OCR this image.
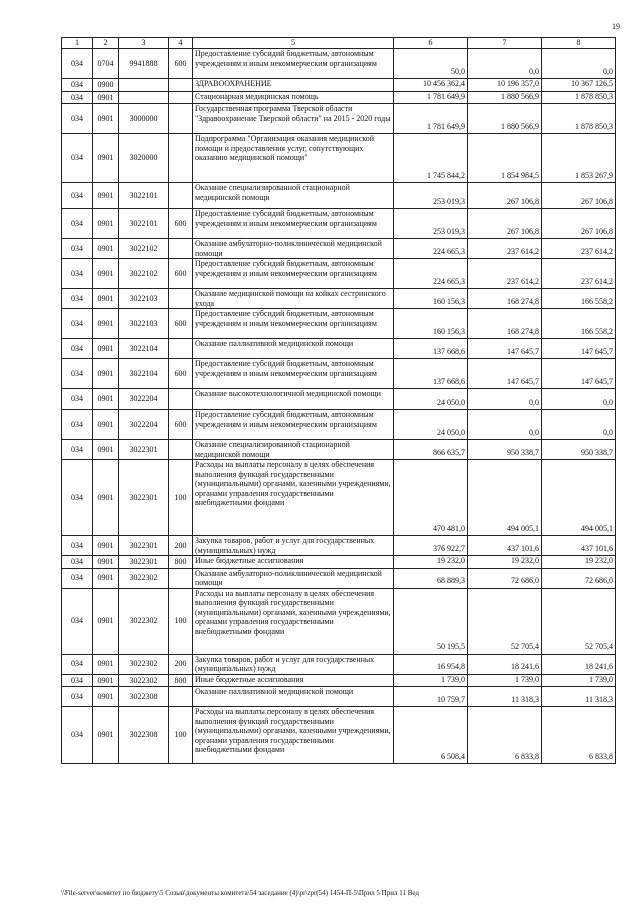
19
1	2	3	4	5	6	7	8
034	0704	9941888	600	Предоставление субсидий бюджетным, автономным учреждениям и иным некоммерческим организациям	50,0	0,0	0,0
034	0900			ЗДРАВООХРАНЕНИЕ	10 456 362,4	10 196 357,0	10 367 126,5
034	0901			Стационарная медицинская помощь	1 781 649,9	1 880 566,9	1 878 850,3
034	0901	3000000		Государственная программа Тверской области "Здравоохранение Тверской области" на 2015 - 2020 годы	1 781 649,9	1 880 566,9	1 878 850,3
034	0901	3020000		Подпрограмма "Организация оказания медицинской помощи и предоставления услуг, сопутствующих оказанию медицинской помощи"	1 745 844,2	1 854 984,5	1 853 267,9
034	0901	3022101		Оказание специализированной стационарной медицинской помощи	253 019,3	267 106,8	267 106,8
034	0901	3022101	600	Предоставление субсидий бюджетным, автономным учреждениям и иным некоммерческим организациям	253 019,3	267 106,8	267 106,8
034	0901	3022102		Оказание амбулаторно-поликлинической медицинской помощи	224 665,3	237 614,2	237 614,2
034	0901	3022102	600	Предоставление субсидий бюджетным, автономным учреждениям и иным некоммерческим организациям	224 665,3	237 614,2	237 614,2
034	0901	3022103		Оказание медицинской помощи на койках сестринского ухода	160 156,3	168 274,8	166 558,2
034	0901	3022103	600	Предоставление субсидий бюджетным, автономным учреждениям и иным некоммерческим организациям	160 156,3	168 274,8	166 558,2
034	0901	3022104		Оказание паллиативной медицинской помощи	137 668,6	147 645,7	147 645,7
034	0901	3022104	600	Предоставление субсидий бюджетным, автономным учреждениям и иным некоммерческим организациям	137 668,6	147 645,7	147 645,7
034	0901	3022204		Оказание высокотехнологичной медицинской помощи	24 050,0	0,0	0,0
034	0901	3022204	600	Предоставление субсидий бюджетным, автономным учреждениям и иным некоммерческим организациям	24 050,0	0,0	0,0
034	0901	3022301		Оказание специализированной стационарной медицинской помощи	866 635,7	950 338,7	950 338,7
034	0901	3022301	100	Расходы на выплаты персоналу в целях обеспечения выполнения функций государственными (муниципальными) органами, казенными учреждениями, органами управления государственными внебюджетными фондами	470 481,0	494 005,1	494 005,1
034	0901	3022301	200	Закупка товаров, работ и услуг для государственных (муниципальных) нужд	376 922,7	437 101,6	437 101,6
034	0901	3022301	800	Иные бюджетные ассигнования	19 232,0	19 232,0	19 232,0
034	0901	3022302		Оказание амбулаторно-поликлинической медицинской помощи	68 889,3	72 686,0	72 686,0
034	0901	3022302	100	Расходы на выплаты персоналу в целях обеспечения выполнения функций государственными (муниципальными) органами, казенными учреждениями, органами управления государственными внебюджетными фондами	50 195,5	52 705,4	52 705,4
034	0901	3022302	200	Закупка товаров, работ и услуг для государственных (муниципальных) нужд	16 954,8	18 241,6	18 241,6
034	0901	3022302	800	Иные бюджетные ассигнования	1 739,0	1 739,0	1 739,0
034	0901	3022308		Оказание паллиативной медицинской помощи	10 759,7	11 318,3	11 318,3
034	0901	3022308	100	Расходы на выплаты персоналу в целях обеспечения выполнения функций государственными (муниципальными) органами, казенными учреждениями, органами управления государственными внебюджетными фондами	6 508,4	6 833,8	6 833,8
\\File-server\комитет по бюджету\5 Созыв\документы комитета\54 заседание (4)\pr\zpr(54) 1454-П-5\Прил 5 Прил 11 Вед
